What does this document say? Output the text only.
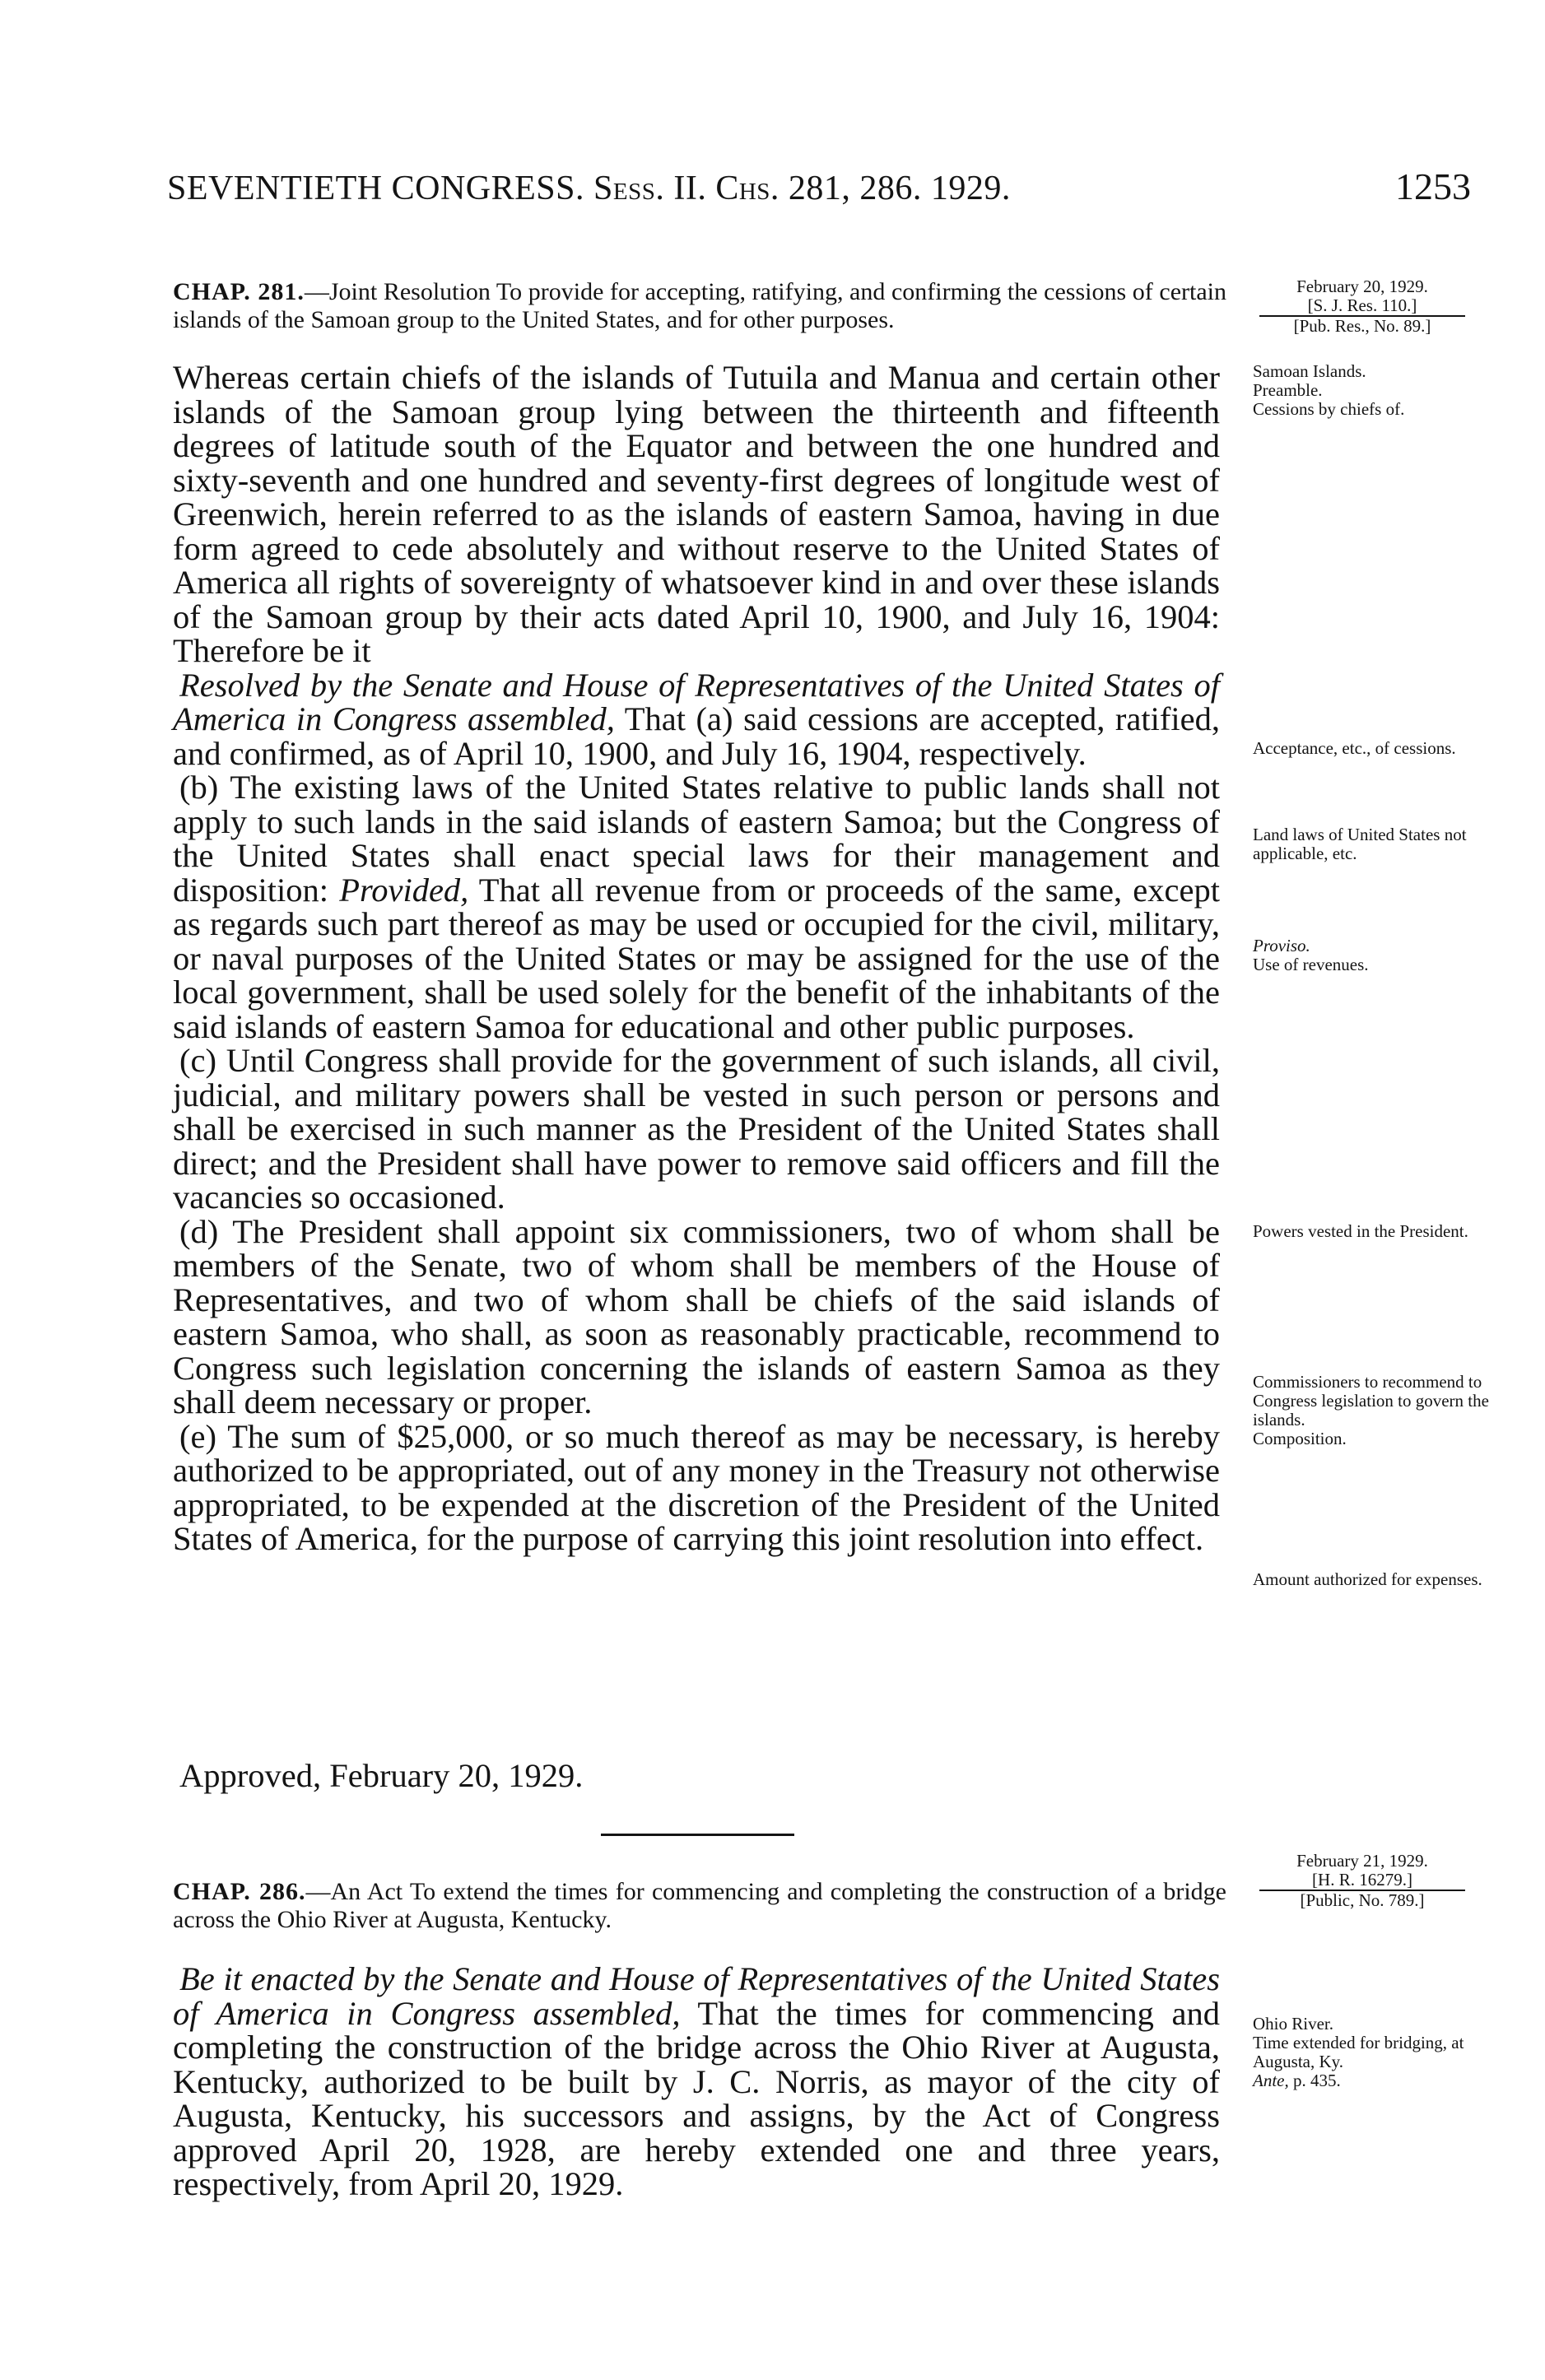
SEVENTIETH CONGRESS. Sess. II. Chs. 281, 286. 1929.	1253
CHAP. 281.—Joint Resolution To provide for accepting, ratifying, and confirming the cessions of certain islands of the Samoan group to the United States, and for other purposes.
February 20, 1929.
[S. J. Res. 110.]
[Pub. Res., No. 89.]

Whereas certain chiefs of the islands of Tutuila and Manua and certain other islands of the Samoan group lying between the thirteenth and fifteenth degrees of latitude south of the Equator and between the one hundred and sixty-seventh and one hundred and seventy-first degrees of longitude west of Greenwich, herein referred to as the islands of eastern Samoa, having in due form agreed to cede absolutely and without reserve to the United States of America all rights of sovereignty of whatsoever kind in and over these islands of the Samoan group by their acts dated April 10, 1900, and July 16, 1904: Therefore be it

Resolved by the Senate and House of Representatives of the United States of America in Congress assembled, That (a) said cessions are accepted, ratified, and confirmed, as of April 10, 1900, and July 16, 1904, respectively.

(b) The existing laws of the United States relative to public lands shall not apply to such lands in the said islands of eastern Samoa; but the Congress of the United States shall enact special laws for their management and disposition: Provided, That all revenue from or proceeds of the same, except as regards such part thereof as may be used or occupied for the civil, military, or naval purposes of the United States or may be assigned for the use of the local government, shall be used solely for the benefit of the inhabitants of the said islands of eastern Samoa for educational and other public purposes.

(c) Until Congress shall provide for the government of such islands, all civil, judicial, and military powers shall be vested in such person or persons and shall be exercised in such manner as the President of the United States shall direct; and the President shall have power to remove said officers and fill the vacancies so occasioned.

(d) The President shall appoint six commissioners, two of whom shall be members of the Senate, two of whom shall be members of the House of Representatives, and two of whom shall be chiefs of the said islands of eastern Samoa, who shall, as soon as reasonably practicable, recommend to Congress such legislation concerning the islands of eastern Samoa as they shall deem necessary or proper.

(e) The sum of $25,000, or so much thereof as may be necessary, is hereby authorized to be appropriated, out of any money in the Treasury not otherwise appropriated, to be expended at the discretion of the President of the United States of America, for the purpose of carrying this joint resolution into effect.

Approved, February 20, 1929.
Samoan Islands.
Preamble.
Cessions by chiefs of.
Acceptance, etc., of cessions.
Land laws of United States not applicable, etc.
Proviso.
Use of revenues.
Powers vested in the President.
Commissioners to recommend to Congress legislation to govern the islands.
Composition.
Amount authorized for expenses.
February 21, 1929.
[H. R. 16279.]
[Public, No. 789.]
CHAP. 286.—An Act To extend the times for commencing and completing the construction of a bridge across the Ohio River at Augusta, Kentucky.

Be it enacted by the Senate and House of Representatives of the United States of America in Congress assembled, That the times for commencing and completing the construction of the bridge across the Ohio River at Augusta, Kentucky, authorized to be built by J. C. Norris, as mayor of the city of Augusta, Kentucky, his successors and assigns, by the Act of Congress approved April 20, 1928, are hereby extended one and three years, respectively, from April 20, 1929.

Ohio River.
Time extended for bridging, at Augusta, Ky.
Ante, p. 435.
